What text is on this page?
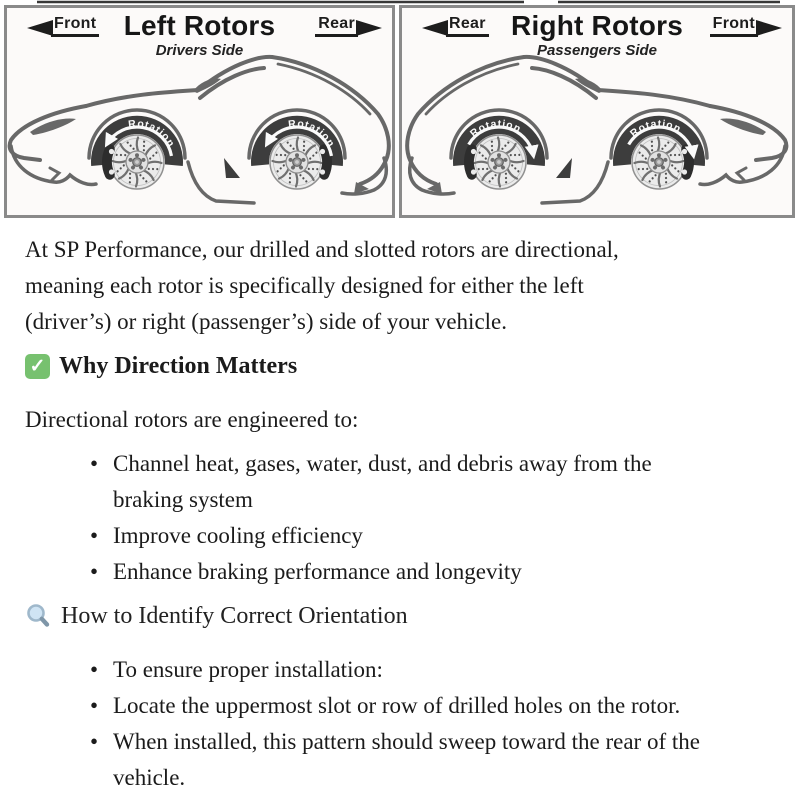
Rotation
Rotation
Rotation	Rotation
Front Left Rotors
Drivers Side
Rear	Rear Right Rotors
Passengers Side
Front

At SP Performance, our drilled and slotted rotors are directional,
meaning each rotor is specifically designed for either the left
(driver’s) or right (passenger’s) side of your vehicle.

✓ Why Direction Matters

Directional rotors are engineered to:

• Channel heat, gases, water, dust, and debris away from the
braking system
• Improve cooling efficiency
• Enhance braking performance and longevity
How to Identify Correct Orientation
• To ensure proper installation:
• Locate the uppermost slot or row of drilled holes on the rotor.
• When installed, this pattern should sweep toward the rear of the
vehicle.
